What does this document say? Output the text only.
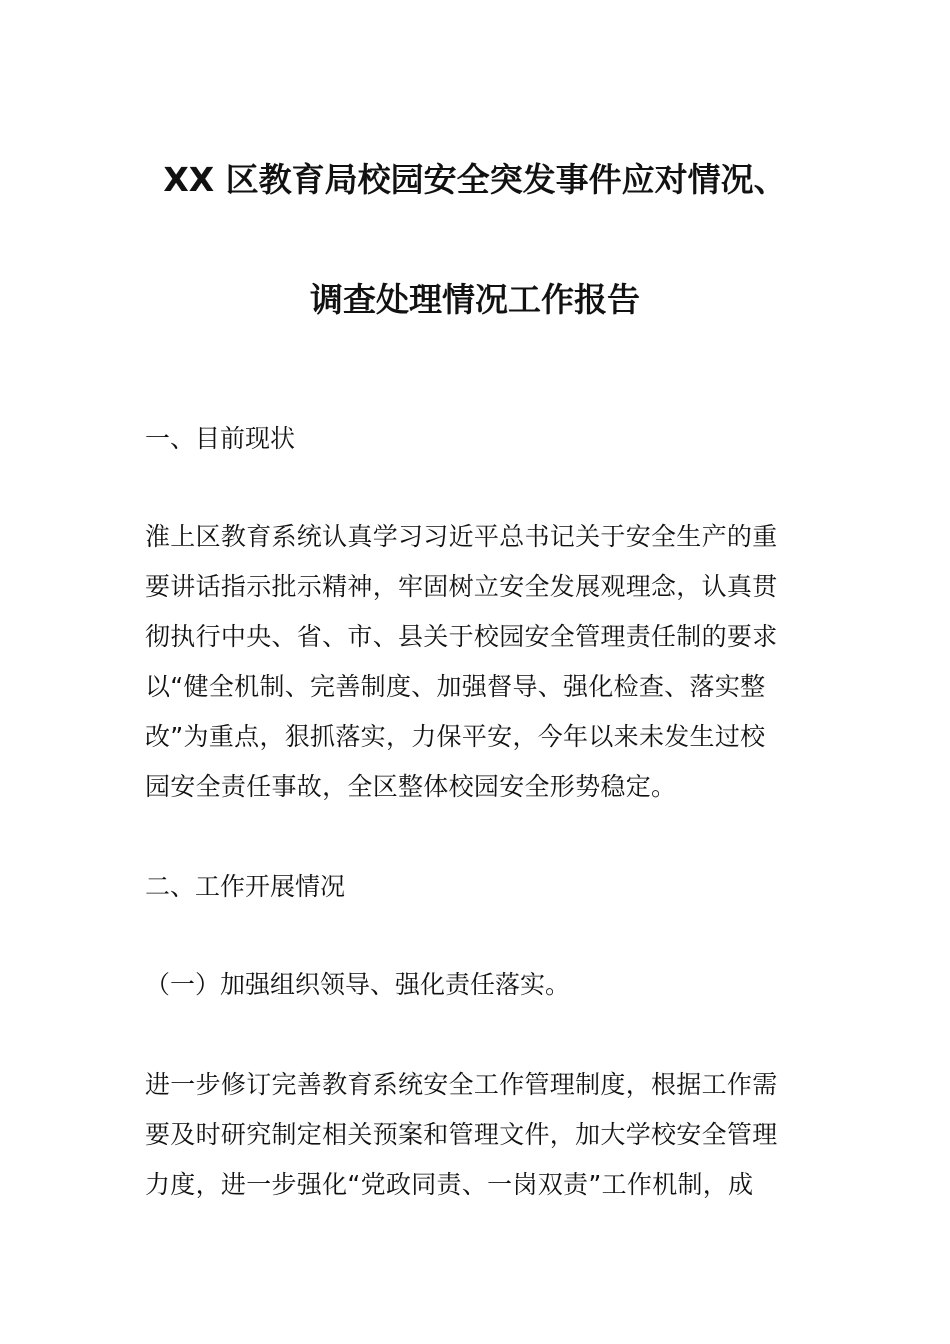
XX 区教育局校园安全突发事件应对情况、
调查处理情况工作报告
一、目前现状
淮上区教育系统认真学习习近平总书记关于安全生产的重
要讲话指示批示精神，牢固树立安全发展观理念，认真贯
彻执行中央、省、市、县关于校园安全管理责任制的要求
以“健全机制、完善制度、加强督导、强化检查、落实整
改”为重点，狠抓落实，力保平安，今年以来未发生过校
园安全责任事故，全区整体校园安全形势稳定。
二、工作开展情况
（一）加强组织领导、强化责任落实。
进一步修订完善教育系统安全工作管理制度，根据工作需
要及时研究制定相关预案和管理文件，加大学校安全管理
力度，进一步强化“党政同责、一岗双责”工作机制，成
